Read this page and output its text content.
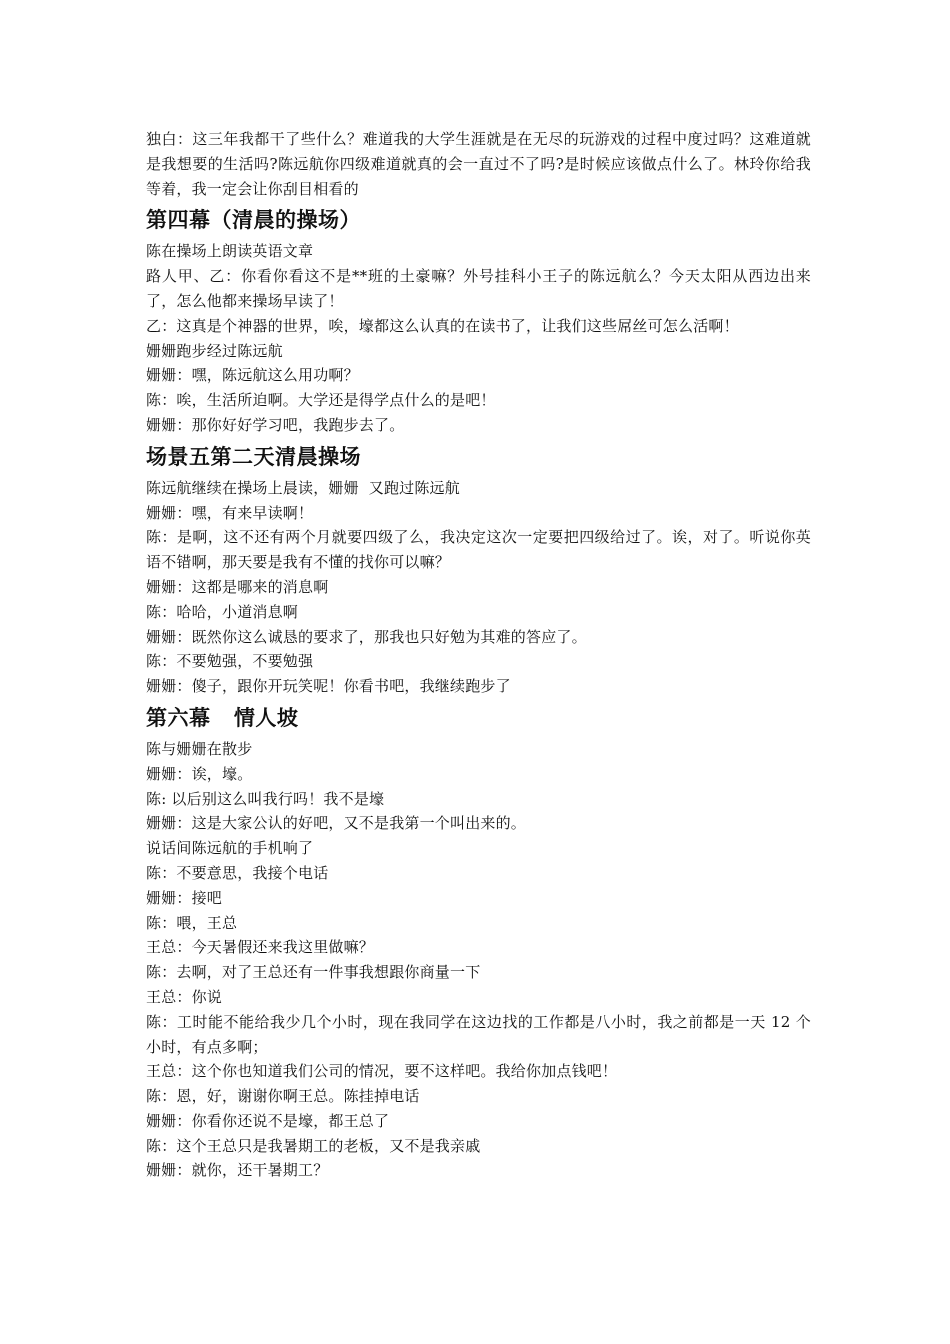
独白：这三年我都干了些什么？难道我的大学生涯就是在无尽的玩游戏的过程中度过吗？这难道就是我想要的生活吗?陈远航你四级难道就真的会一直过不了吗?是时候应该做点什么了。林玲你给我等着，我一定会让你刮目相看的

第四幕（清晨的操场）

陈在操场上朗读英语文章

路人甲、乙：你看你看这不是**班的土豪嘛？外号挂科小王子的陈远航么？今天太阳从西边出来了，怎么他都来操场早读了！

乙：这真是个神器的世界，唉，壕都这么认真的在读书了，让我们这些屌丝可怎么活啊！

姗姗跑步经过陈远航

姗姗：嘿，陈远航这么用功啊？

陈：唉，生活所迫啊。大学还是得学点什么的是吧！

姗姗：那你好好学习吧，我跑步去了。

场景五第二天清晨操场

陈远航继续在操场上晨读，姗姗  又跑过陈远航

姗姗：嘿，有来早读啊！

陈：是啊，这不还有两个月就要四级了么，我决定这次一定要把四级给过了。诶，对了。听说你英语不错啊，那天要是我有不懂的找你可以嘛？

姗姗：这都是哪来的消息啊

陈：哈哈，小道消息啊

姗姗：既然你这么诚恳的要求了，那我也只好勉为其难的答应了。

陈：不要勉强，不要勉强

姗姗：傻子，跟你开玩笑呢！你看书吧，我继续跑步了

第六幕   情人坡

陈与姗姗在散步

姗姗：诶，壕。

陈: 以后别这么叫我行吗！我不是壕

姗姗：这是大家公认的好吧，又不是我第一个叫出来的。

说话间陈远航的手机响了

陈：不要意思，我接个电话

姗姗：接吧

陈：喂，王总

王总：今天暑假还来我这里做嘛？

陈：去啊，对了王总还有一件事我想跟你商量一下

王总：你说

陈：工时能不能给我少几个小时，现在我同学在这边找的工作都是八小时，我之前都是一天 12 个小时，有点多啊；

王总：这个你也知道我们公司的情况，要不这样吧。我给你加点钱吧！

陈：恩，好，谢谢你啊王总。陈挂掉电话

姗姗：你看你还说不是壕，都王总了

陈：这个王总只是我暑期工的老板，又不是我亲戚

姗姗：就你，还干暑期工？
